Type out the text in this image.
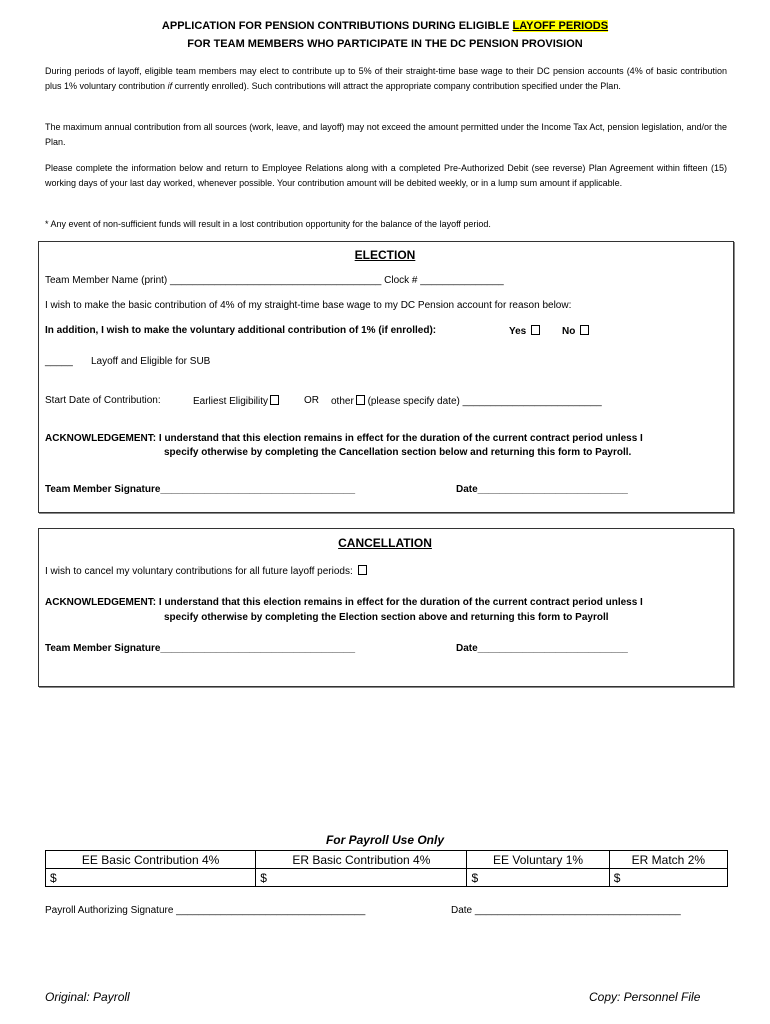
APPLICATION FOR PENSION CONTRIBUTIONS DURING ELIGIBLE LAYOFF PERIODS
FOR TEAM MEMBERS WHO PARTICIPATE IN THE DC PENSION PROVISION
During periods of layoff, eligible team members may elect to contribute up to 5% of their straight-time base wage to their DC pension accounts (4% of basic contribution plus 1% voluntary contribution if currently enrolled). Such contributions will attract the appropriate company contribution specified under the Plan.
The maximum annual contribution from all sources (work, leave, and layoff) may not exceed the amount permitted under the Income Tax Act, pension legislation, and/or the Plan.
Please complete the information below and return to Employee Relations along with a completed Pre-Authorized Debit (see reverse) Plan Agreement within fifteen (15) working days of your last day worked, whenever possible. Your contribution amount will be debited weekly, or in a lump sum amount if applicable.
* Any event of non-sufficient funds will result in a lost contribution opportunity for the balance of the layoff period.
ELECTION
Team Member Name (print) ______________________________________ Clock # _______________
I wish to make the basic contribution of 4% of my straight-time base wage to my DC Pension account for reason below:
In addition, I wish to make the voluntary additional contribution of 1% (if enrolled):	Yes	No
_____ Layoff and Eligible for SUB
Start Date of Contribution:	Earliest Eligibility	OR other (please specify date) _________________________
ACKNOWLEDGEMENT: I understand that this election remains in effect for the duration of the current contract period unless I
specify otherwise by completing the Cancellation section below and returning this form to Payroll.
Team Member Signature___________________________________	Date___________________________
CANCELLATION
I wish to cancel my voluntary contributions for all future layoff periods:
ACKNOWLEDGEMENT: I understand that this election remains in effect for the duration of the current contract period unless I
specify otherwise by completing the Election section above and returning this form to Payroll
Team Member Signature___________________________________	Date___________________________
For Payroll Use Only
EE Basic Contribution 4%	ER Basic Contribution 4%	EE Voluntary 1%	ER Match 2%
$	$	$	$
Payroll Authorizing Signature __________________________________	Date _____________________________________
Original: Payroll	Copy: Personnel File
